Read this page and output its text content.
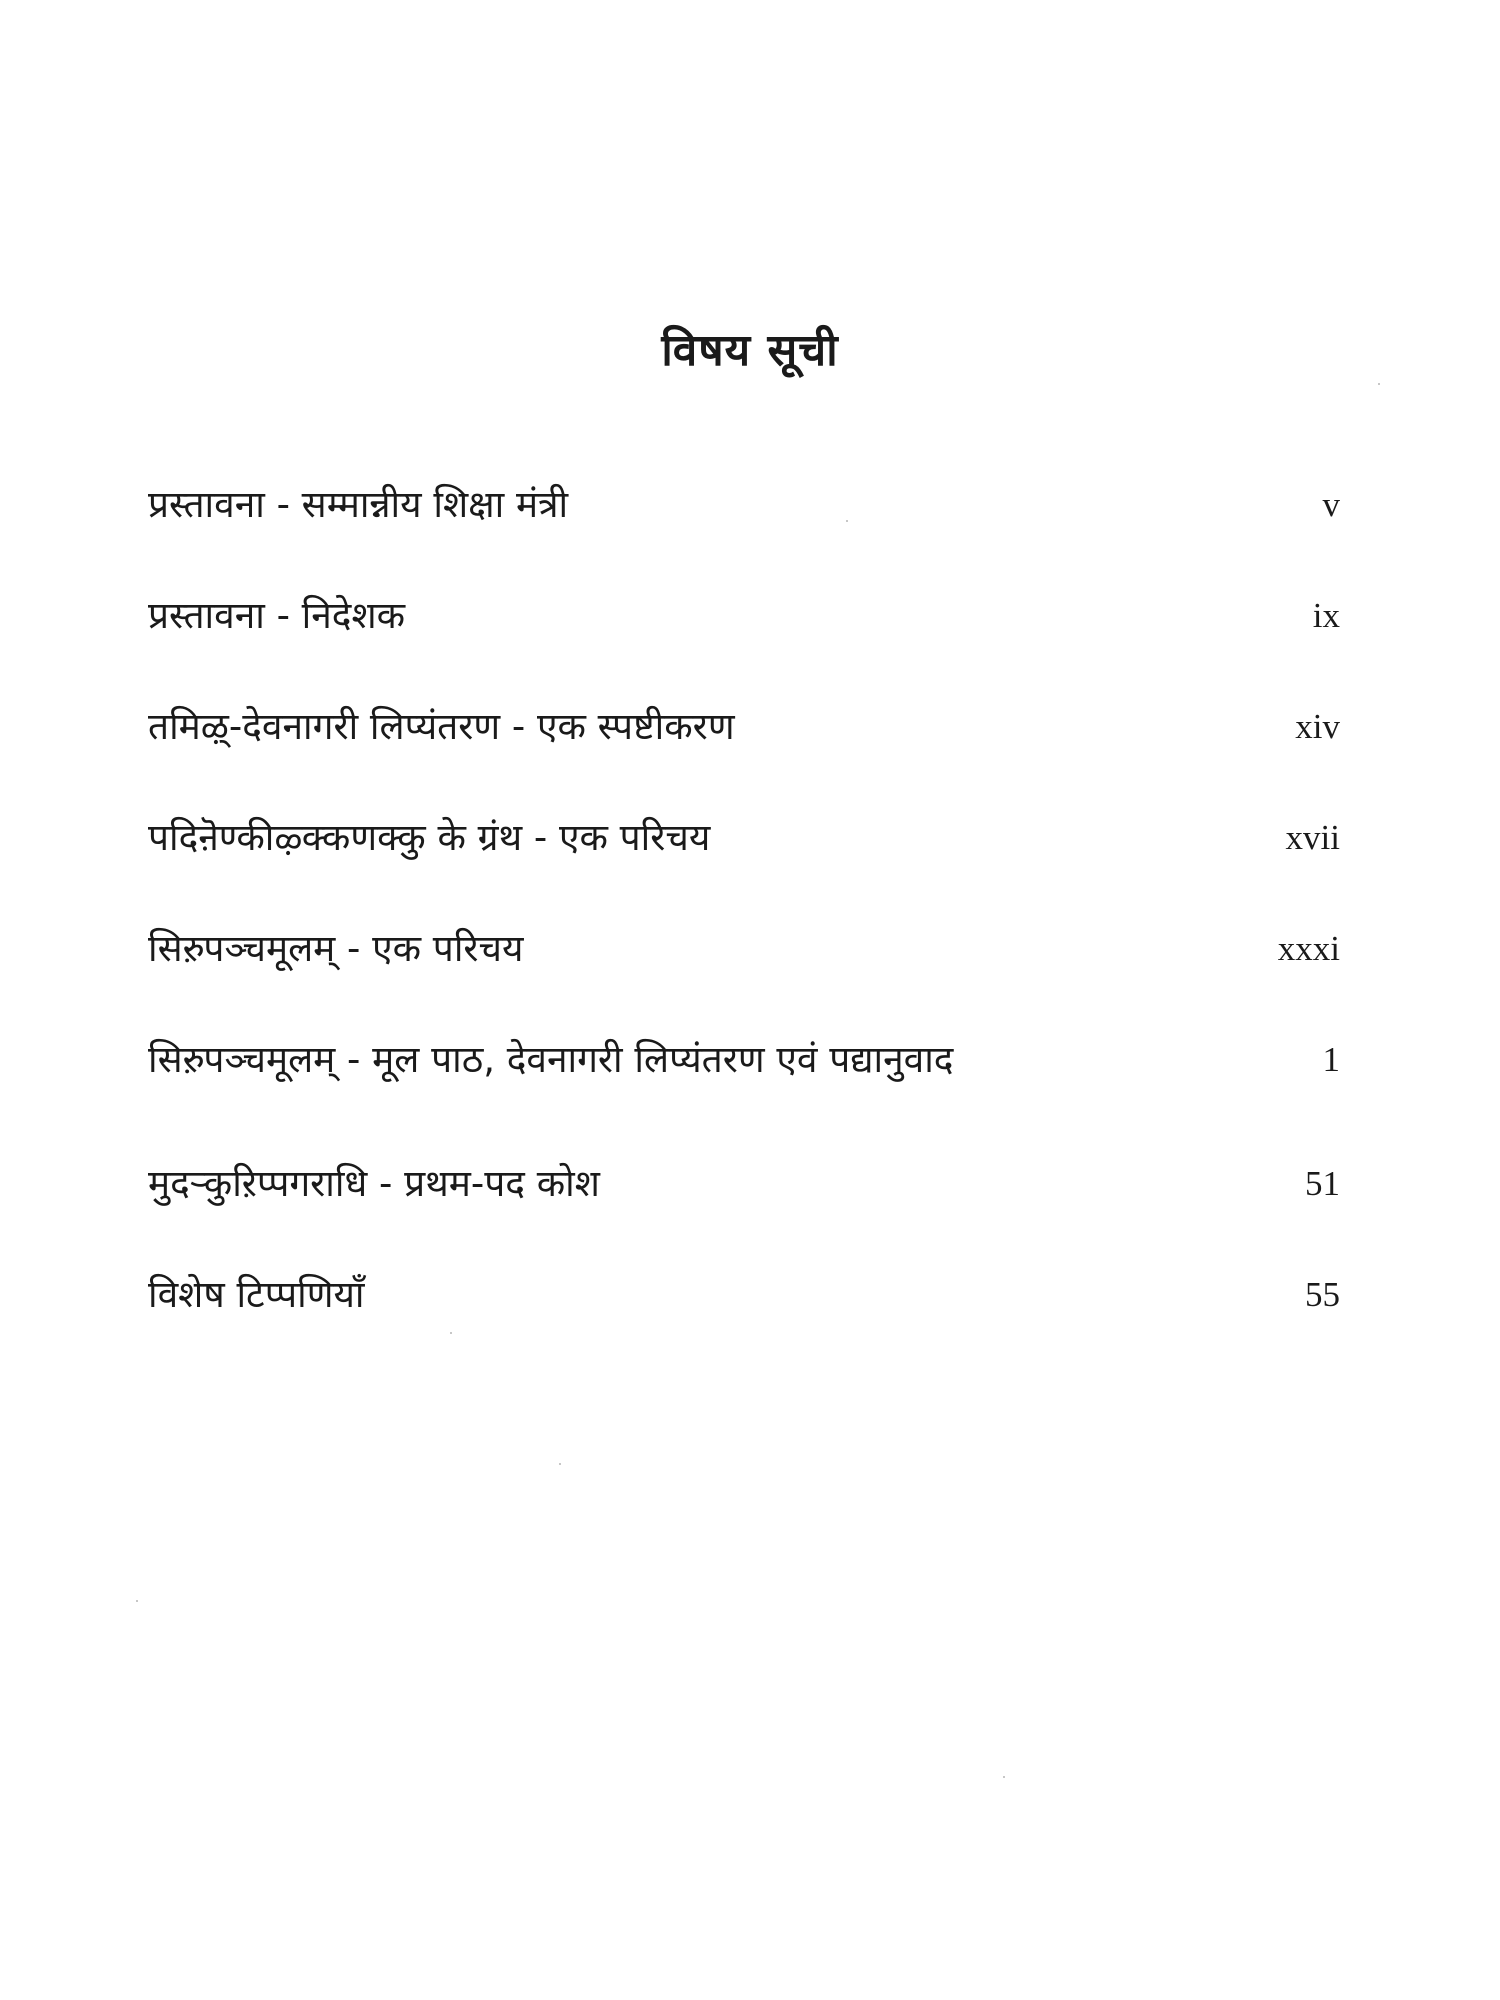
विषय सूची
प्रस्तावना - सम्मान्नीय शिक्षा मंत्री	v
प्रस्तावना - निदेशक	ix
तमिऴ्-देवनागरी लिप्यंतरण - एक स्पष्टीकरण	xiv
पदिऩॆण्कीऴ्क्कणक्कु के ग्रंथ - एक परिचय	xvii
सिऱुपञ्चमूलम् - एक परिचय	xxxi
सिऱुपञ्चमूलम् - मूल पाठ, देवनागरी लिप्यंतरण एवं पद्यानुवाद	1
मुदऱ्कुऱिप्पगराधि - प्रथम-पद कोश	51
विशेष टिप्पणियाँ	55
